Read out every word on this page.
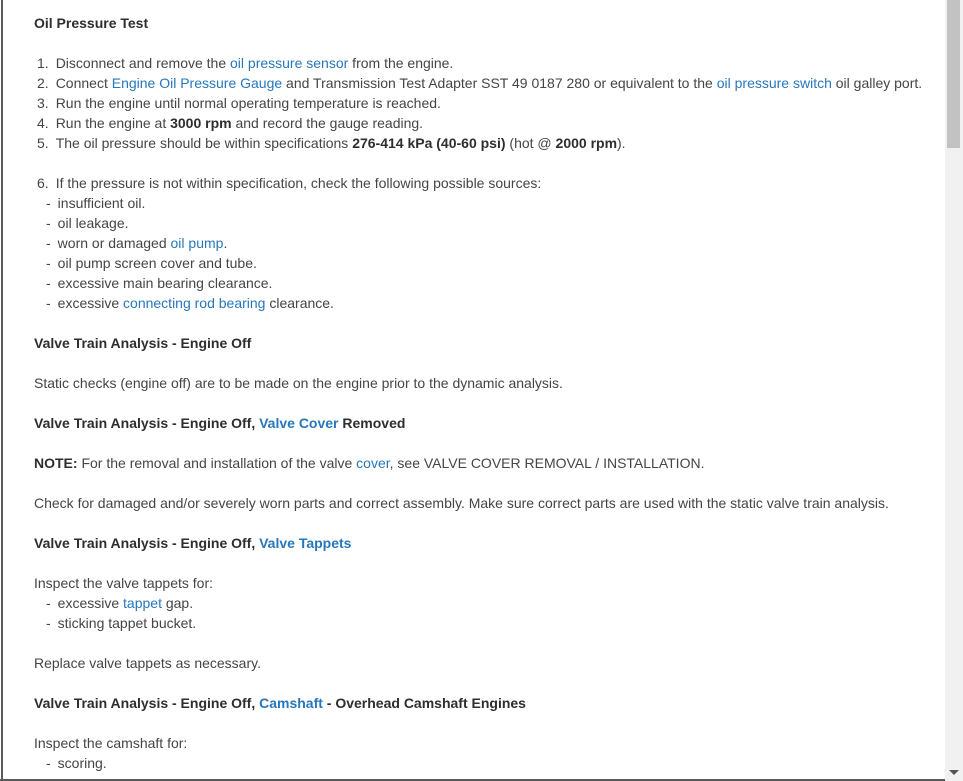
Oil Pressure Test
1. Disconnect and remove the oil pressure sensor from the engine.
2. Connect Engine Oil Pressure Gauge and Transmission Test Adapter SST 49 0187 280 or equivalent to the oil pressure switch oil galley port.
3. Run the engine until normal operating temperature is reached.
4. Run the engine at 3000 rpm and record the gauge reading.
5. The oil pressure should be within specifications 276-414 kPa (40-60 psi) (hot @ 2000 rpm).
6. If the pressure is not within specification, check the following possible sources:
- insufficient oil.
- oil leakage.
- worn or damaged oil pump.
- oil pump screen cover and tube.
- excessive main bearing clearance.
- excessive connecting rod bearing clearance.
Valve Train Analysis - Engine Off
Static checks (engine off) are to be made on the engine prior to the dynamic analysis.
Valve Train Analysis - Engine Off, Valve Cover Removed
NOTE: For the removal and installation of the valve cover, see VALVE COVER REMOVAL / INSTALLATION.
Check for damaged and/or severely worn parts and correct assembly. Make sure correct parts are used with the static valve train analysis.
Valve Train Analysis - Engine Off, Valve Tappets
Inspect the valve tappets for:
- excessive tappet gap.
- sticking tappet bucket.
Replace valve tappets as necessary.
Valve Train Analysis - Engine Off, Camshaft - Overhead Camshaft Engines
Inspect the camshaft for:
- scoring.
